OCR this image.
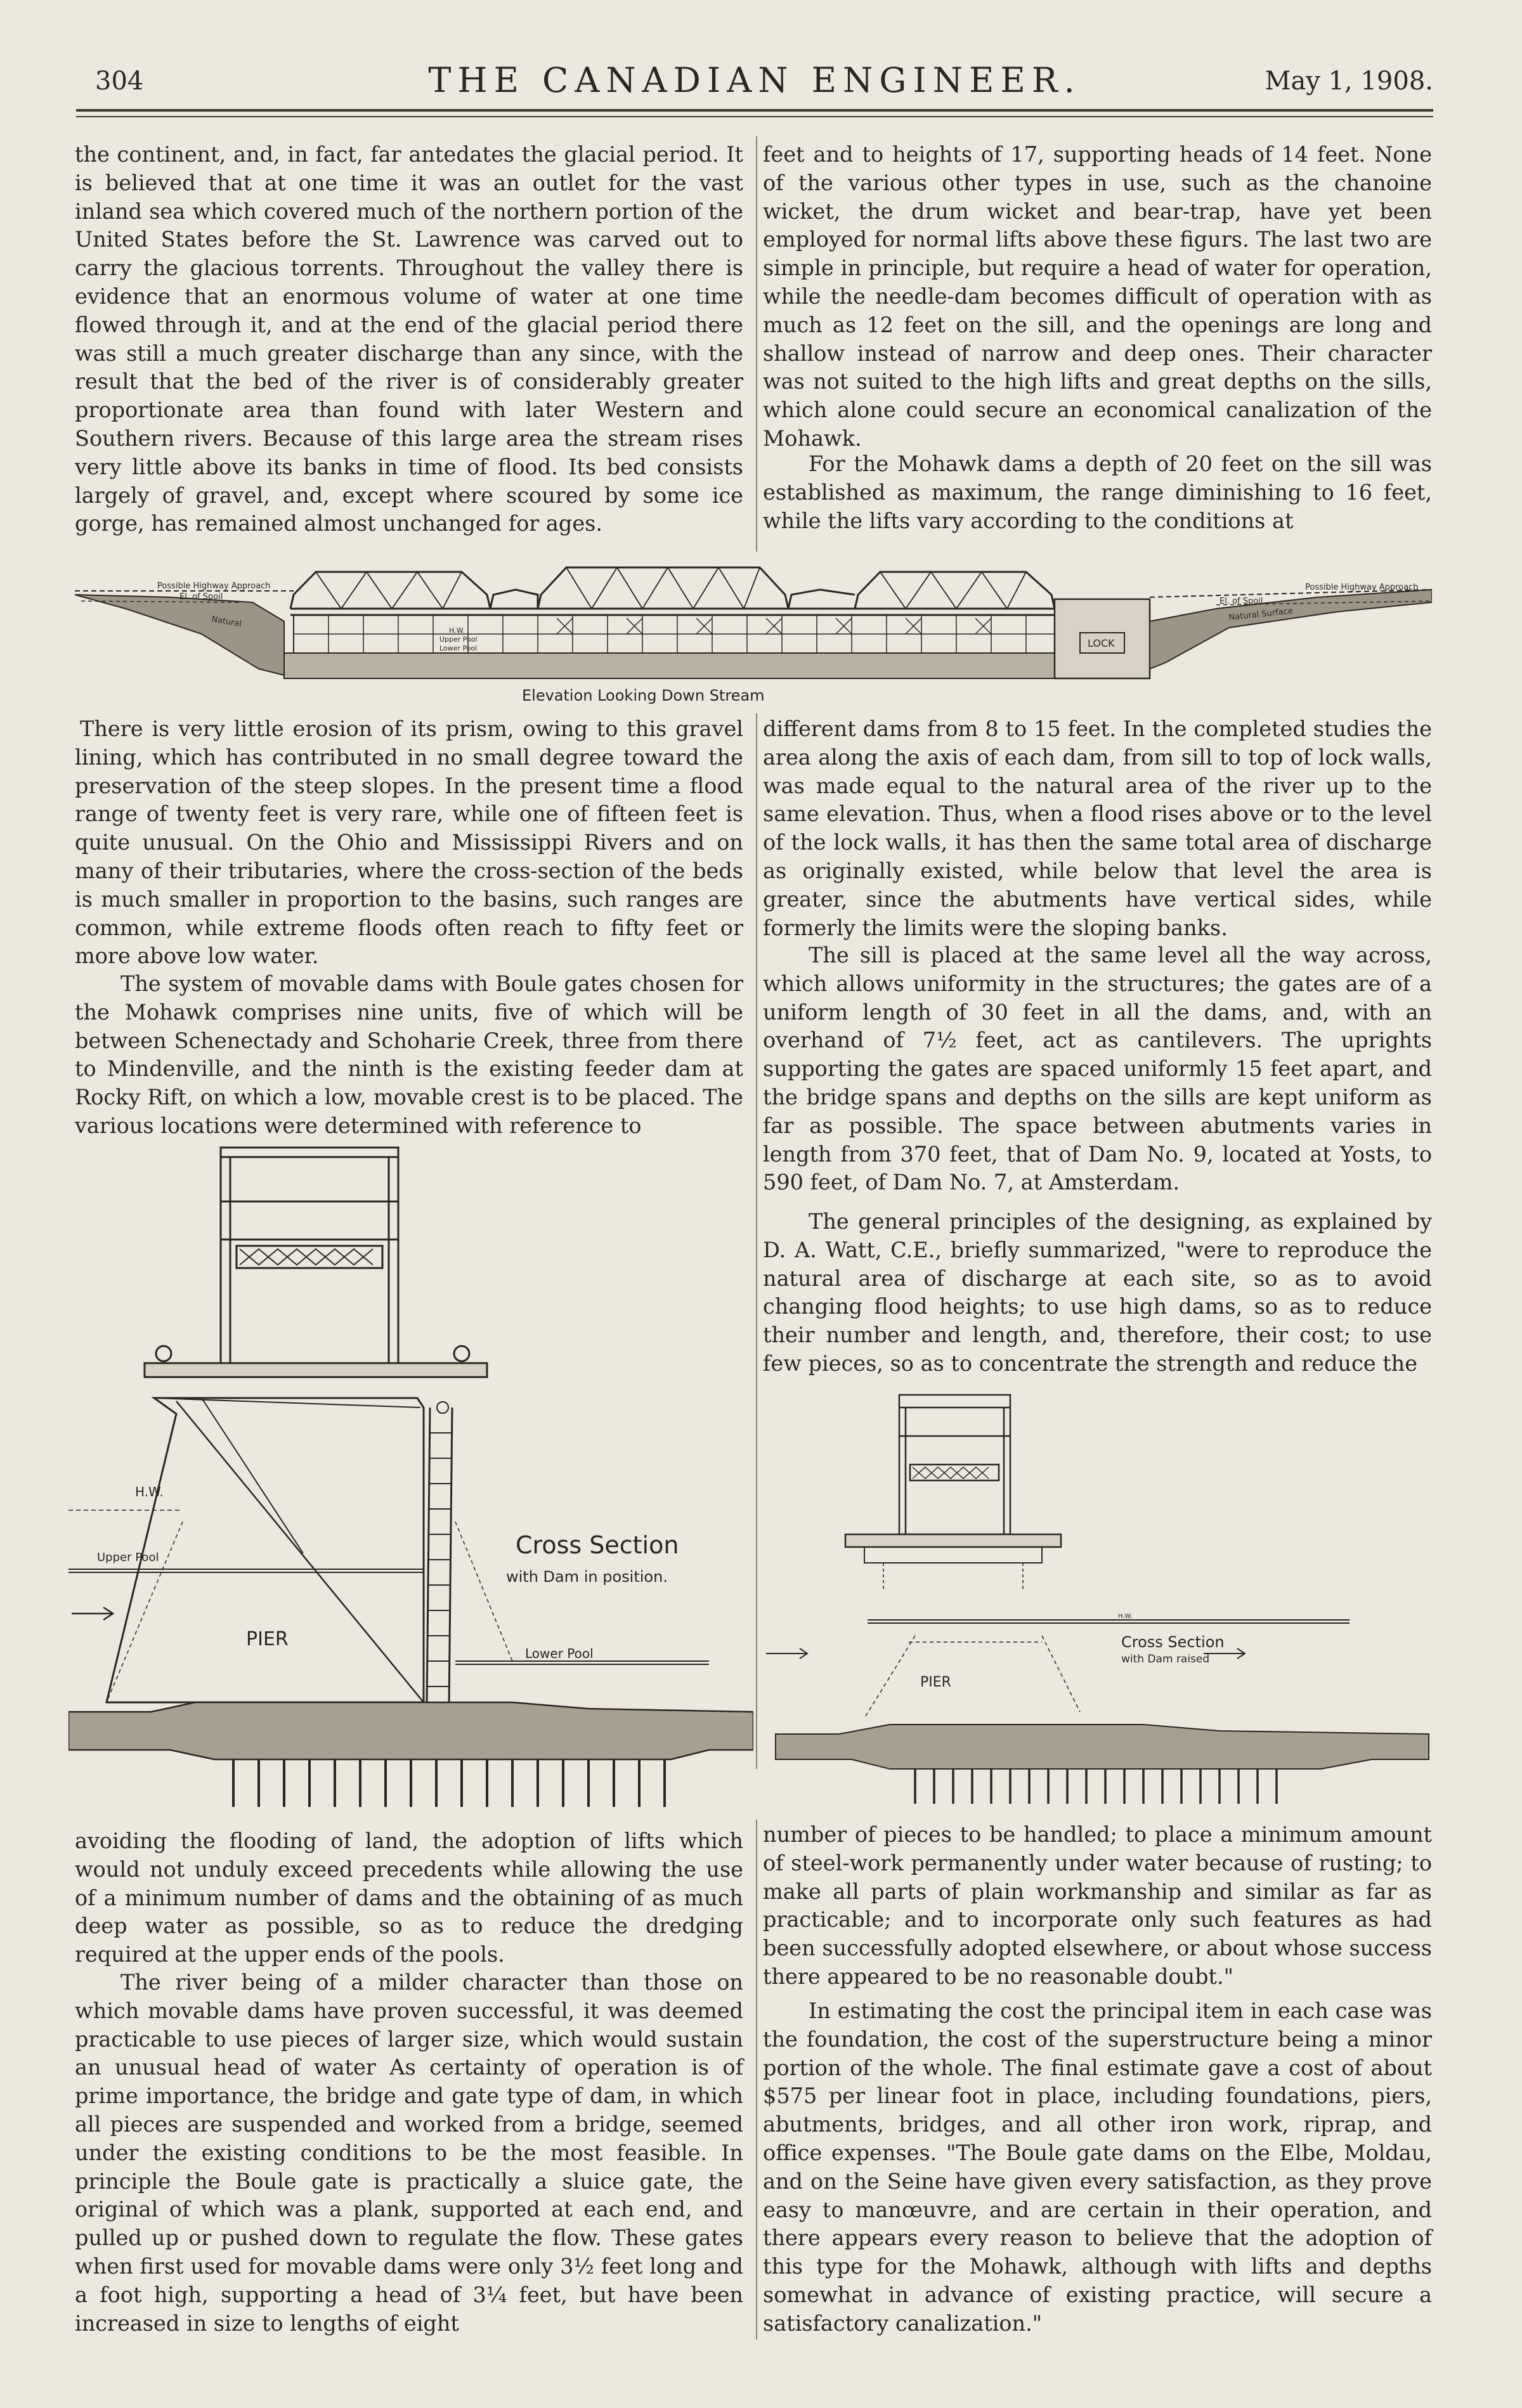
304	THE CANADIAN ENGINEER.	May 1, 1908.

the continent, and, in fact, far antedates the glacial period. It is believed that at one time it was an outlet for the vast inland sea which covered much of the northern portion of the United States before the St. Lawrence was carved out to carry the glacious torrents. Throughout the valley there is evidence that an enormous volume of water at one time flowed through it, and at the end of the glacial period there was still a much greater discharge than any since, with the result that the bed of the river is of considerably greater proportionate area than found with later Western and Southern rivers. Because of this large area the stream rises very little above its banks in time of flood. Its bed consists largely of gravel, and, except where scoured by some ice gorge, has remained almost unchanged for ages.

feet and to heights of 17, supporting heads of 14 feet. None of the various other types in use, such as the chanoine wicket, the drum wicket and bear-trap, have yet been employed for normal lifts above these figurs. The last two are simple in principle, but require a head of water for operation, while the needle-dam becomes difficult of operation with as much as 12 feet on the sill, and the openings are long and shallow instead of narrow and deep ones. Their character was not suited to the high lifts and great depths on the sills, which alone could secure an economical canalization of the Mohawk.

For the Mohawk dams a depth of 20 feet on the sill was established as maximum, the range diminishing to 16 feet, while the lifts vary according to the conditions at

Possible Highway Approach
El. of Spoil
Natural
H.W.
Upper Pool
Lower Pool	LOCK
Possible Highway Approach
El. of Spoil
Natural Surface
Elevation Looking Down Stream

There is very little erosion of its prism, owing to this gravel lining, which has contributed in no small degree toward the preservation of the steep slopes. In the present time a flood range of twenty feet is very rare, while one of fifteen feet is quite unusual. On the Ohio and Mississippi Rivers and on many of their tributaries, where the cross-section of the beds is much smaller in proportion to the basins, such ranges are common, while extreme floods often reach to fifty feet or more above low water.

The system of movable dams with Boule gates chosen for the Mohawk comprises nine units, five of which will be between Schenectady and Schoharie Creek, three from there to Mindenville, and the ninth is the existing feeder dam at Rocky Rift, on which a low, movable crest is to be placed. The various locations were determined with reference to

different dams from 8 to 15 feet. In the completed studies the area along the axis of each dam, from sill to top of lock walls, was made equal to the natural area of the river up to the same elevation. Thus, when a flood rises above or to the level of the lock walls, it has then the same total area of discharge as originally existed, while below that level the area is greater, since the abutments have vertical sides, while formerly the limits were the sloping banks.

The sill is placed at the same level all the way across, which allows uniformity in the structures; the gates are of a uniform length of 30 feet in all the dams, and, with an overhand of 7½ feet, act as cantilevers. The uprights supporting the gates are spaced uniformly 15 feet apart, and the bridge spans and depths on the sills are kept uniform as far as possible. The space between abutments varies in length from 370 feet, that of Dam No. 9, located at Yosts, to 590 feet, of Dam No. 7, at Amsterdam.

The general principles of the designing, as explained by D. A. Watt, C.E., briefly summarized, "were to reproduce the natural area of discharge at each site, so as to avoid changing flood heights; to use high dams, so as to reduce their number and length, and, therefore, their cost; to use few pieces, so as to concentrate the strength and reduce the

H.W.
Upper Pool
PIER
Lower Pool
Cross Section
with Dam in position.
H.W.
PIER
Cross Section
with Dam raised

avoiding the flooding of land, the adoption of lifts which would not unduly exceed precedents while allowing the use of a minimum number of dams and the obtaining of as much deep water as possible, so as to reduce the dredging required at the upper ends of the pools.

The river being of a milder character than those on which movable dams have proven successful, it was deemed practicable to use pieces of larger size, which would sustain an unusual head of water As certainty of operation is of prime importance, the bridge and gate type of dam, in which all pieces are suspended and worked from a bridge, seemed under the existing conditions to be the most feasible. In principle the Boule gate is practically a sluice gate, the original of which was a plank, supported at each end, and pulled up or pushed down to regulate the flow. These gates when first used for movable dams were only 3½ feet long and a foot high, supporting a head of 3¼ feet, but have been increased in size to lengths of eight

number of pieces to be handled; to place a minimum amount of steel-work permanently under water because of rusting; to make all parts of plain workmanship and similar as far as practicable; and to incorporate only such features as had been successfully adopted elsewhere, or about whose success there appeared to be no reasonable doubt."

In estimating the cost the principal item in each case was the foundation, the cost of the superstructure being a minor portion of the whole. The final estimate gave a cost of about $575 per linear foot in place, including foundations, piers, abutments, bridges, and all other iron work, riprap, and office expenses. "The Boule gate dams on the Elbe, Moldau, and on the Seine have given every satisfaction, as they prove easy to manœuvre, and are certain in their operation, and there appears every reason to believe that the adoption of this type for the Mohawk, although with lifts and depths somewhat in advance of existing practice, will secure a satisfactory canalization."
